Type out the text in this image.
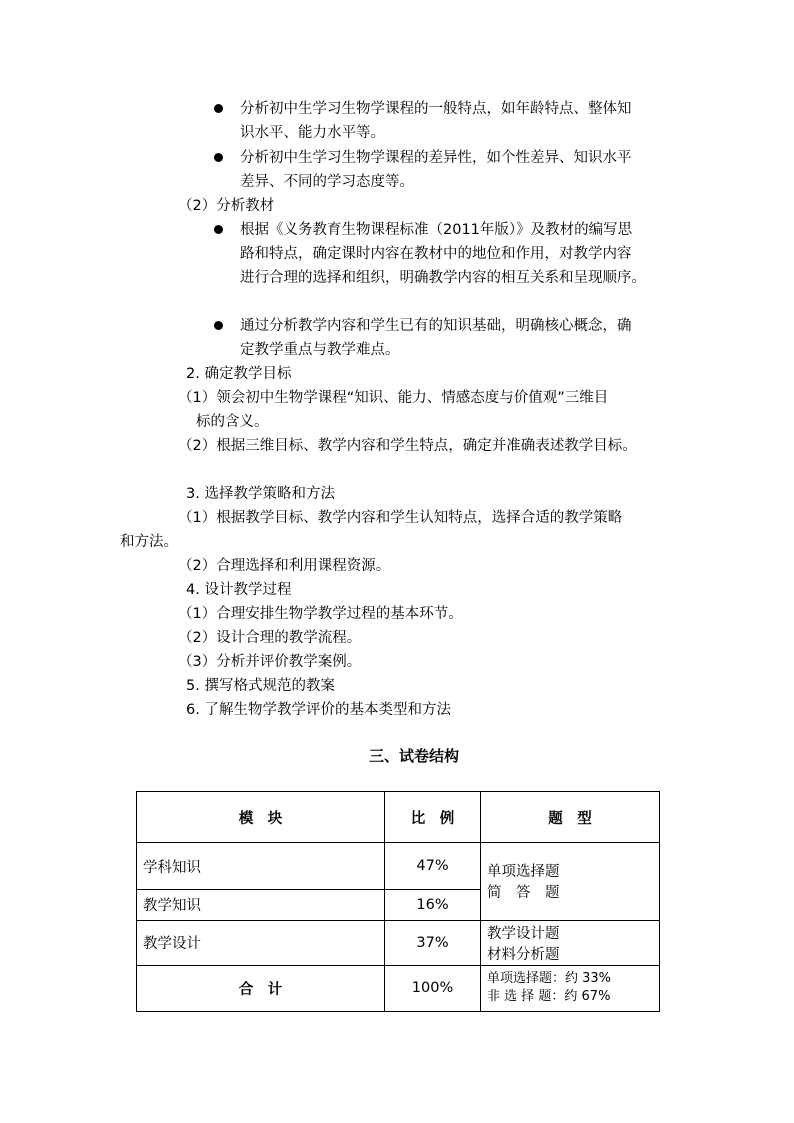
分析初中生学习生物学课程的一般特点，如年龄特点、整体知
识水平、能力水平等。
分析初中生学习生物学课程的差异性，如个性差异、知识水平
差异、不同的学习态度等。
（2）分析教材
根据《义务教育生物课程标准（2011年版）》及教材的编写思
路和特点，确定课时内容在教材中的地位和作用，对教学内容
进行合理的选择和组织，明确教学内容的相互关系和呈现顺序。
通过分析教学内容和学生已有的知识基础，明确核心概念，确
定教学重点与教学难点。
2. 确定教学目标
（1）领会初中生物学课程“知识、能力、情感态度与价值观”三维目
标的含义。
（2）根据三维目标、教学内容和学生特点，确定并准确表述教学目标。
3. 选择教学策略和方法
（1）根据教学目标、教学内容和学生认知特点，选择合适的教学策略
和方法。
（2）合理选择和利用课程资源。
4. 设计教学过程
（1）合理安排生物学教学过程的基本环节。
（2）设计合理的教学流程。
（3）分析并评价教学案例。
5. 撰写格式规范的教案
6. 了解生物学教学评价的基本类型和方法
三、试卷结构
模　块	比　例	题　型
学科知识	47%	单项选择题
简　答　题

教学知识	16%	
教学设计	37%	教学设计题
材料分析题

合　计	100%	单项选择题：约 33%
非 选 择 题：约 67%
